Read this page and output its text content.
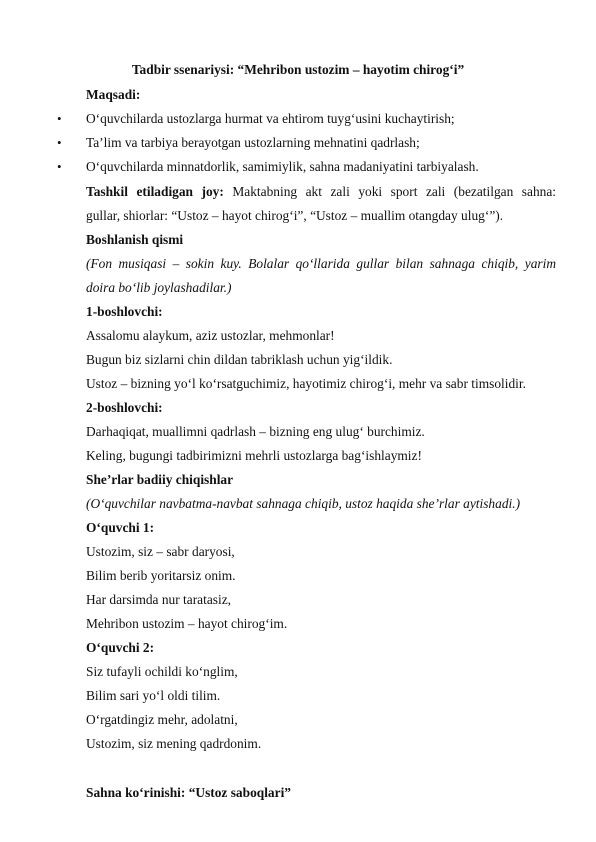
Tadbir ssenariysi: “Mehribon ustozim – hayotim chirog‘i”
Maqsadi:
• O‘quvchilarda ustozlarga hurmat va ehtirom tuyg‘usini kuchaytirish;
• Ta’lim va tarbiya berayotgan ustozlarning mehnatini qadrlash;
• O‘quvchilarda minnatdorlik, samimiylik, sahna madaniyatini tarbiyalash.
Tashkil etiladigan joy: Maktabning akt zali yoki sport zali (bezatilgan sahna:
gullar, shiorlar: “Ustoz – hayot chirog‘i”, “Ustoz – muallim otangday ulug‘”).
Boshlanish qismi
(Fon musiqasi – sokin kuy. Bolalar qo‘llarida gullar bilan sahnaga chiqib, yarim
doira bo‘lib joylashadilar.)
1-boshlovchi:
Assalomu alaykum, aziz ustozlar, mehmonlar!
Bugun biz sizlarni chin dildan tabriklash uchun yig‘ildik.
Ustoz – bizning yo‘l ko‘rsatguchimiz, hayotimiz chirog‘i, mehr va sabr timsolidir.
2-boshlovchi:
Darhaqiqat, muallimni qadrlash – bizning eng ulug‘ burchimiz.
Keling, bugungi tadbirimizni mehrli ustozlarga bag‘ishlaymiz!
She’rlar badiiy chiqishlar
(O‘quvchilar navbatma-navbat sahnaga chiqib, ustoz haqida she’rlar aytishadi.)
O‘quvchi 1:
Ustozim, siz – sabr daryosi,
Bilim berib yoritarsiz onim.
Har darsimda nur taratasiz,
Mehribon ustozim – hayot chirog‘im.
O‘quvchi 2:
Siz tufayli ochildi ko‘nglim,
Bilim sari yo‘l oldi tilim.
O‘rgatdingiz mehr, adolatni,
Ustozim, siz mening qadrdonim.
Sahna ko‘rinishi: “Ustoz saboqlari”
